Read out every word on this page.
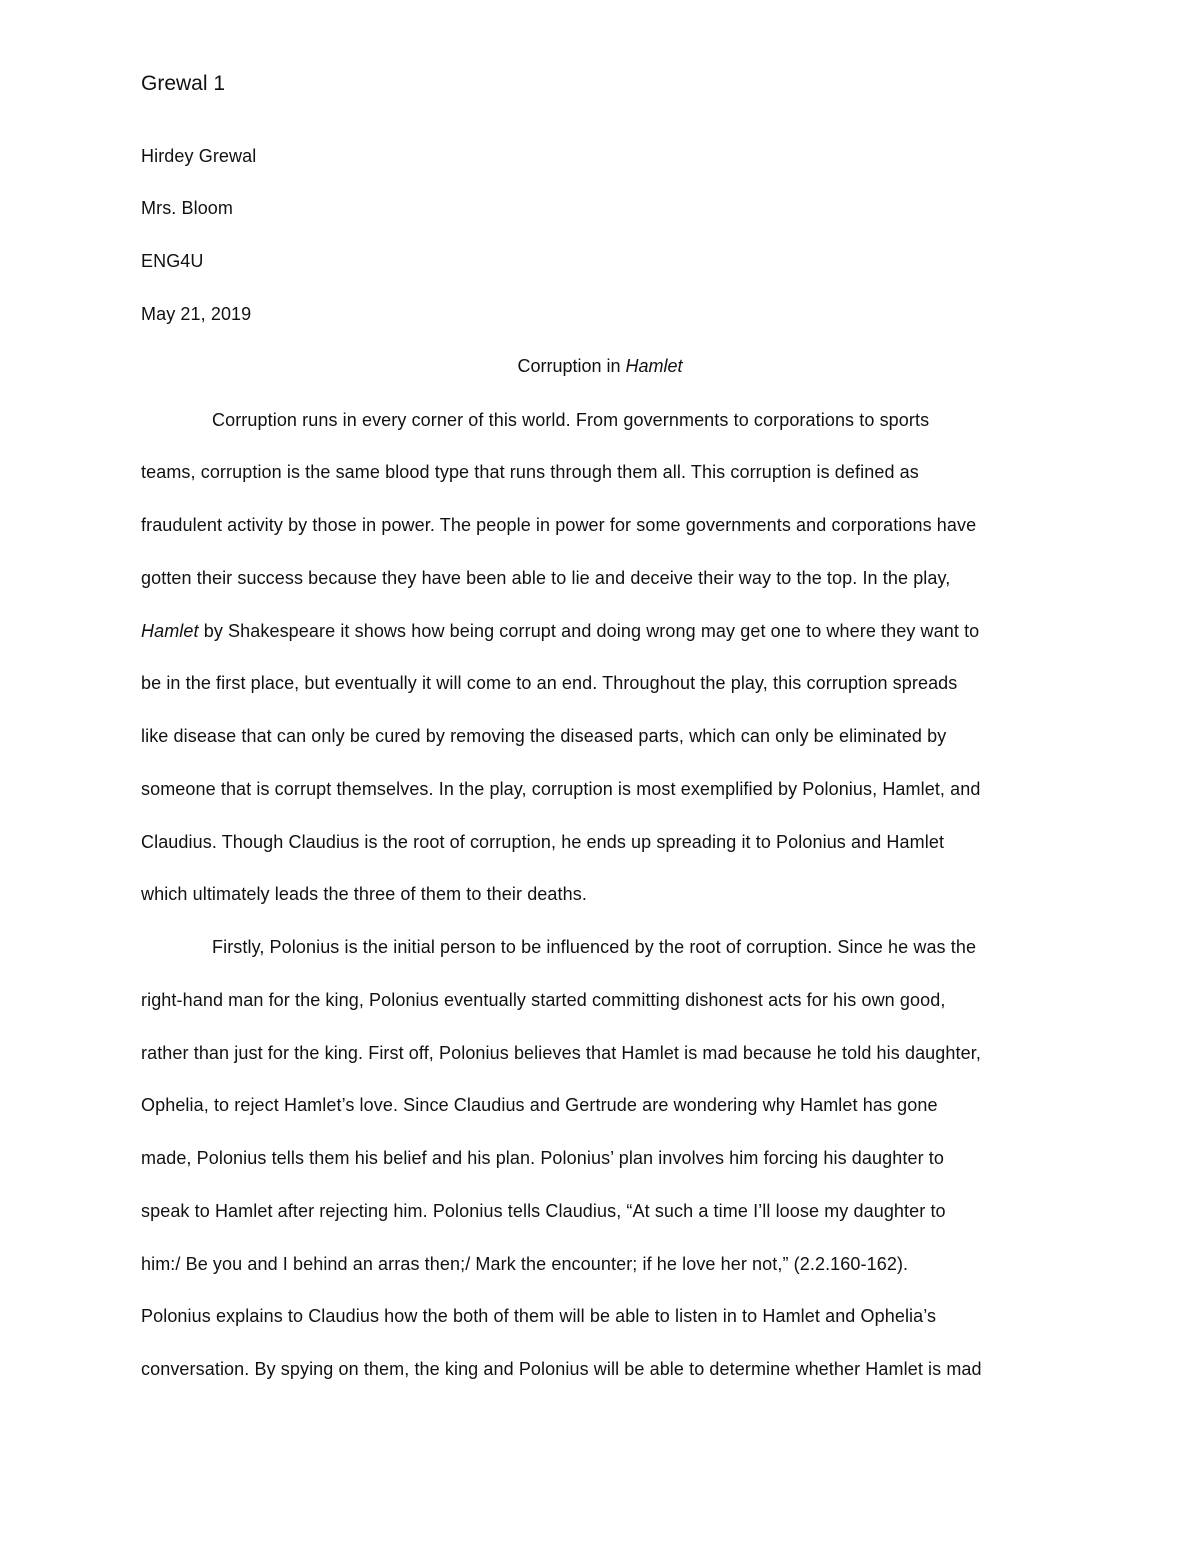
Grewal 1
Hirdey Grewal
Mrs. Bloom
ENG4U
May 21, 2019
Corruption in Hamlet
Corruption runs in every corner of this world. From governments to corporations to sports
teams, corruption is the same blood type that runs through them all. This corruption is defined as
fraudulent activity by those in power. The people in power for some governments and corporations have
gotten their success because they have been able to lie and deceive their way to the top. In the play,
Hamlet by Shakespeare it shows how being corrupt and doing wrong may get one to where they want to
be in the first place, but eventually it will come to an end. Throughout the play, this corruption spreads
like disease that can only be cured by removing the diseased parts, which can only be eliminated by
someone that is corrupt themselves. In the play, corruption is most exemplified by Polonius, Hamlet, and
Claudius. Though Claudius is the root of corruption, he ends up spreading it to Polonius and Hamlet
which ultimately leads the three of them to their deaths.
Firstly, Polonius is the initial person to be influenced by the root of corruption. Since he was the
right-hand man for the king, Polonius eventually started committing dishonest acts for his own good,
rather than just for the king. First off, Polonius believes that Hamlet is mad because he told his daughter,
Ophelia, to reject Hamlet’s love. Since Claudius and Gertrude are wondering why Hamlet has gone
made, Polonius tells them his belief and his plan. Polonius’ plan involves him forcing his daughter to
speak to Hamlet after rejecting him. Polonius tells Claudius, “At such a time I’ll loose my daughter to
him:/ Be you and I behind an arras then;/ Mark the encounter; if he love her not,” (2.2.160-162).
Polonius explains to Claudius how the both of them will be able to listen in to Hamlet and Ophelia’s
conversation. By spying on them, the king and Polonius will be able to determine whether Hamlet is mad
